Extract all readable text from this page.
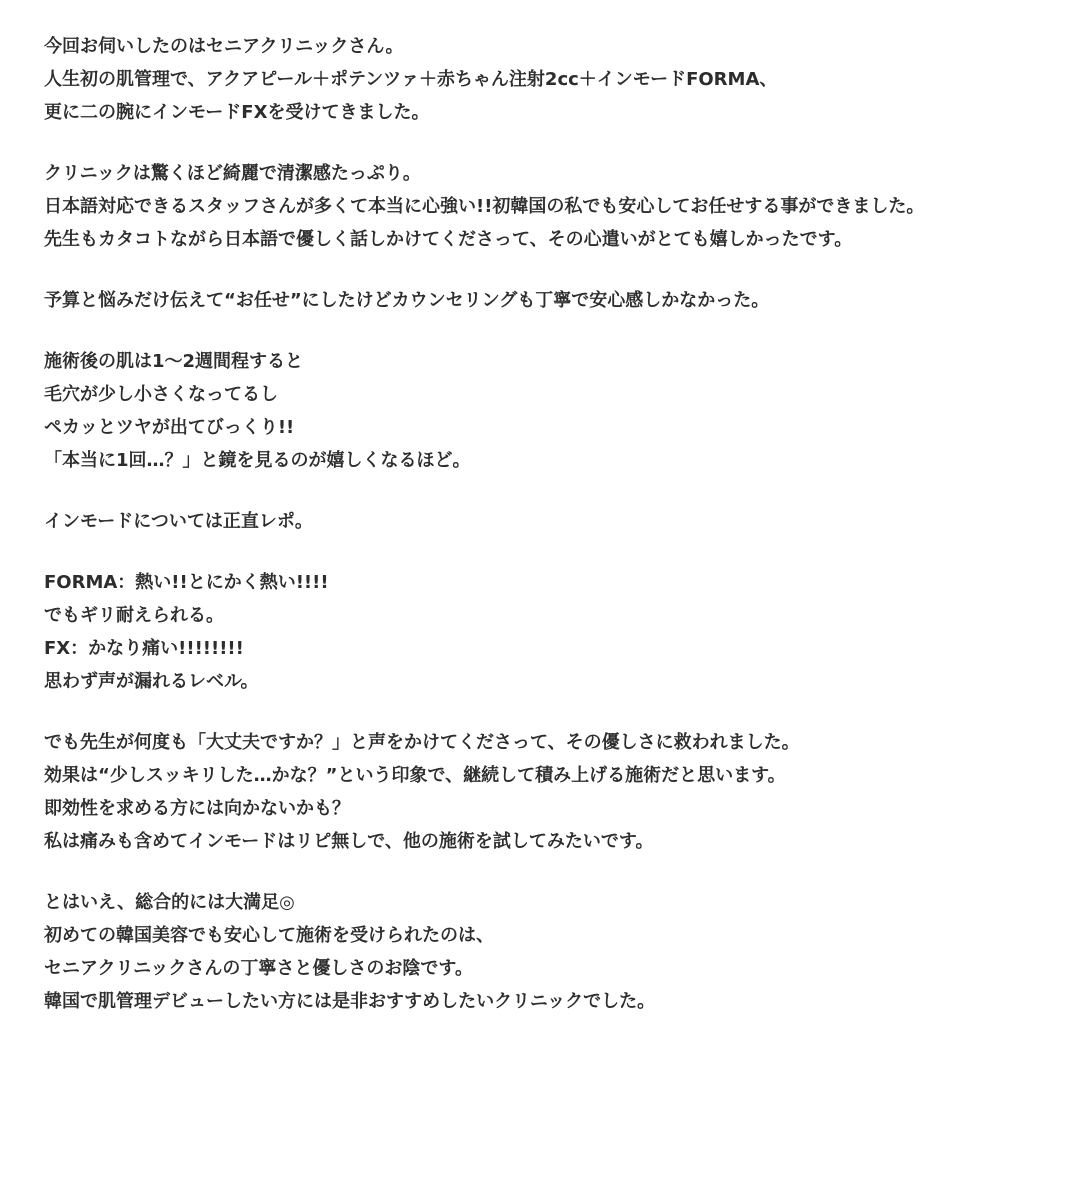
今回お伺いしたのはセニアクリニックさん。
人生初の肌管理で、アクアピール＋ポテンツァ＋赤ちゃん注射2cc＋インモードFORMA、
更に二の腕にインモードFXを受けてきました。
クリニックは驚くほど綺麗で清潔感たっぷり。
日本語対応できるスタッフさんが多くて本当に心強い!!初韓国の私でも安心してお任せする事ができました。
先生もカタコトながら日本語で優しく話しかけてくださって、その心遣いがとても嬉しかったです。
予算と悩みだけ伝えて“お任せ”にしたけどカウンセリングも丁寧で安心感しかなかった。
施術後の肌は1〜2週間程すると
毛穴が少し小さくなってるし
ペカッとツヤが出てびっくり!!
「本当に1回…？」と鏡を見るのが嬉しくなるほど。
インモードについては正直レポ。
FORMA：熱い!!とにかく熱い!!!!
でもギリ耐えられる。
FX：かなり痛い!!!!!!!!
思わず声が漏れるレベル。
でも先生が何度も「大丈夫ですか？」と声をかけてくださって、その優しさに救われました。
効果は“少しスッキリした…かな？”という印象で、継続して積み上げる施術だと思います。
即効性を求める方には向かないかも？
私は痛みも含めてインモードはリピ無しで、他の施術を試してみたいです。
とはいえ、総合的には大満足◎
初めての韓国美容でも安心して施術を受けられたのは、
セニアクリニックさんの丁寧さと優しさのお陰です。
韓国で肌管理デビューしたい方には是非おすすめしたいクリニックでした。
